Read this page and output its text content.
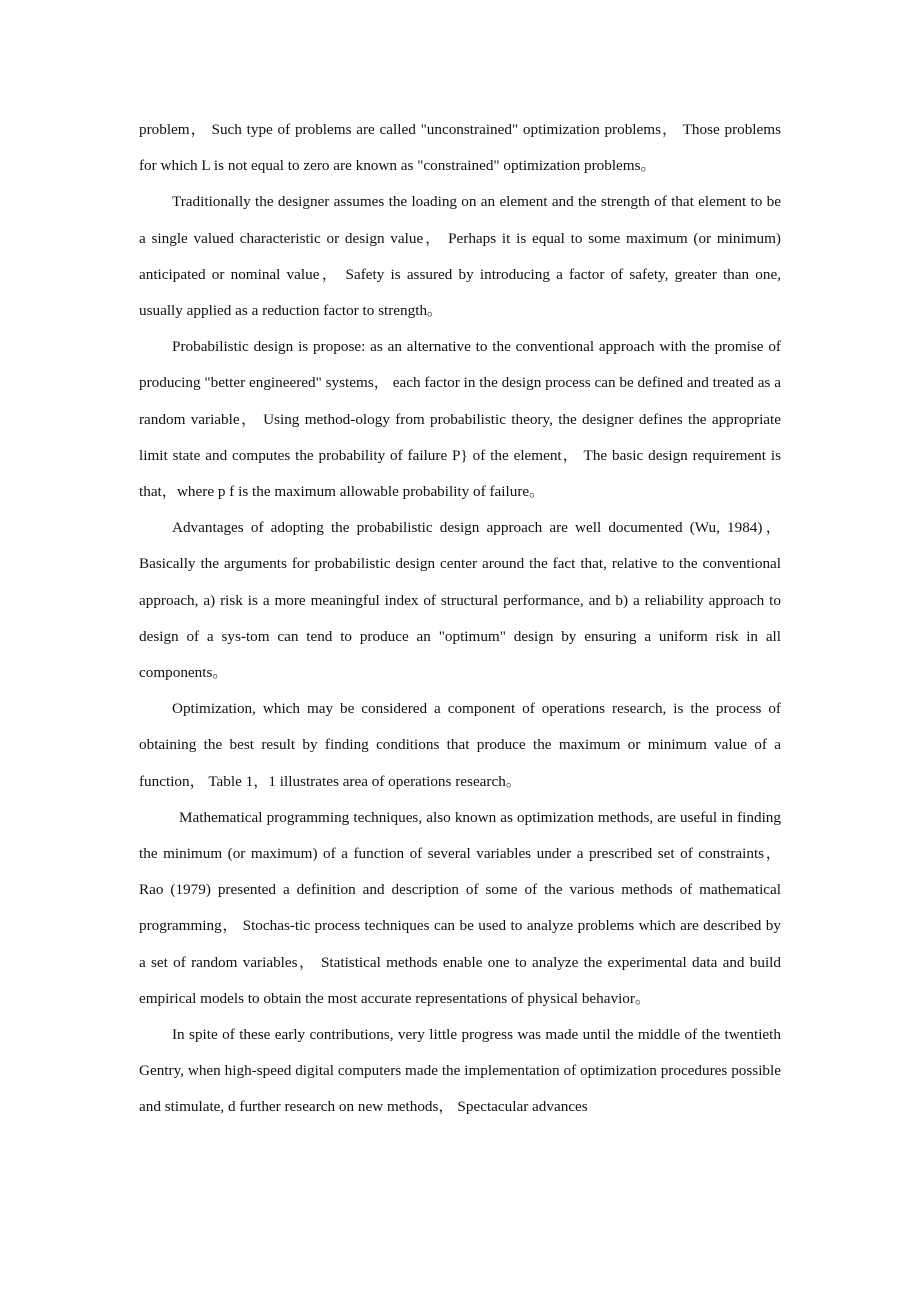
problem， Such type of problems are called "unconstrained" optimization problems， Those problems for which L is not equal to zero are known as "constrained" optimization problems。

Traditionally the designer assumes the loading on an element and the strength of that element to be a single valued characteristic or design value， Perhaps it is equal to some maximum (or minimum) anticipated or nominal value， Safety is assured by introducing a factor of safety, greater than one, usually applied as a reduction factor to strength。

Probabilistic design is propose: as an alternative to the conventional approach with the promise of producing "better engineered" systems， each factor in the design process can be defined and treated as a random variable， Using method-ology from probabilistic theory, the designer defines the appropriate limit state and computes the probability of failure P} of the element， The basic design requirement is that，where p f is the maximum allowable probability of failure。

Advantages of adopting the probabilistic design approach are well documented (Wu, 1984)， Basically the arguments for probabilistic design center around the fact that, relative to the conventional approach, a) risk is a more meaningful index of structural performance, and b) a reliability approach to design of a sys-tom can tend to produce an "optimum" design by ensuring a uniform risk in all components。

Optimization, which may be considered a component of operations research, is the process of obtaining the best result by finding conditions that produce the maximum or minimum value of a function， Table 1，1 illustrates area of operations research。

Mathematical programming techniques, also known as optimization methods, are useful in finding the minimum (or maximum) of a function of several variables under a prescribed set of constraints， Rao (1979) presented a definition and description of some of the various methods of mathematical programming， Stochas-tic process techniques can be used to analyze problems which are described by a set of random variables， Statistical methods enable one to analyze the experimental data and build empirical models to obtain the most accurate representations of physical behavior。

In spite of these early contributions, very little progress was made until the middle of the twentieth Gentry, when high-speed digital computers made the implementation of optimization procedures possible and stimulate, d further research on new methods， Spectacular advances
